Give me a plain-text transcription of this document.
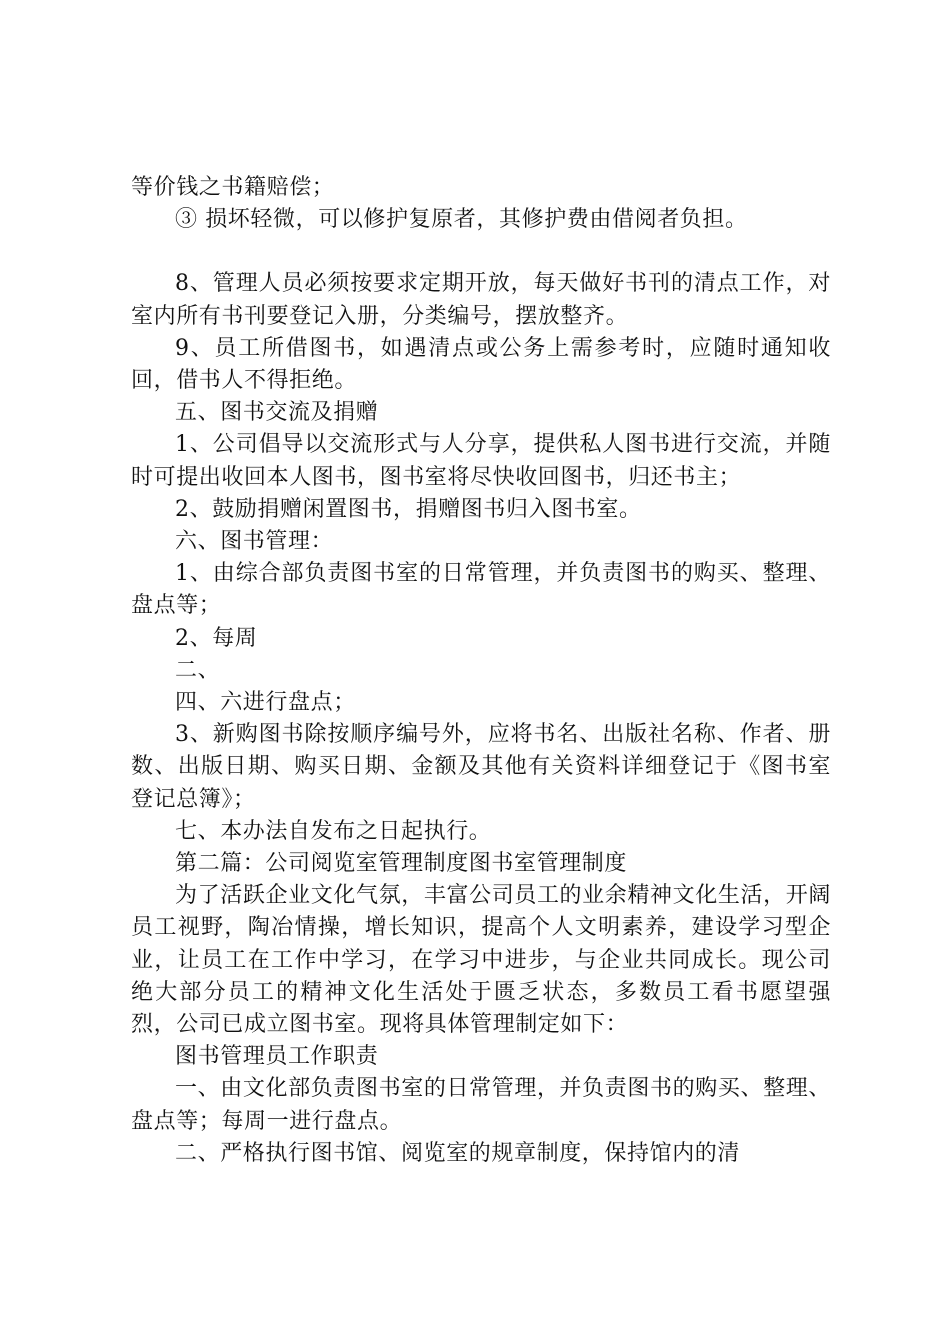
等价钱之书籍赔偿；

③ 损坏轻微，可以修护复原者，其修护费由借阅者负担。

8、管理人员必须按要求定期开放，每天做好书刊的清点工作，对室内所有书刊要登记入册，分类编号，摆放整齐。

9、员工所借图书，如遇清点或公务上需参考时，应随时通知收回，借书人不得拒绝。

五、图书交流及捐赠

1、公司倡导以交流形式与人分享，提供私人图书进行交流，并随时可提出收回本人图书，图书室将尽快收回图书，归还书主；

2、鼓励捐赠闲置图书，捐赠图书归入图书室。

六、图书管理：

1、由综合部负责图书室的日常管理，并负责图书的购买、整理、盘点等；

2、每周

二、

四、六进行盘点；

3、新购图书除按顺序编号外，应将书名、出版社名称、作者、册数、出版日期、购买日期、金额及其他有关资料详细登记于《图书室登记总簿》；

七、本办法自发布之日起执行。

第二篇：公司阅览室管理制度图书室管理制度

为了活跃企业文化气氛，丰富公司员工的业余精神文化生活，开阔员工视野，陶冶情操，增长知识，提高个人文明素养，建设学习型企业，让员工在工作中学习，在学习中进步，与企业共同成长。现公司绝大部分员工的精神文化生活处于匮乏状态，多数员工看书愿望强烈，公司已成立图书室。现将具体管理制定如下：

图书管理员工作职责

一、由文化部负责图书室的日常管理，并负责图书的购买、整理、盘点等；每周一进行盘点。

二、严格执行图书馆、阅览室的规章制度，保持馆内的清
